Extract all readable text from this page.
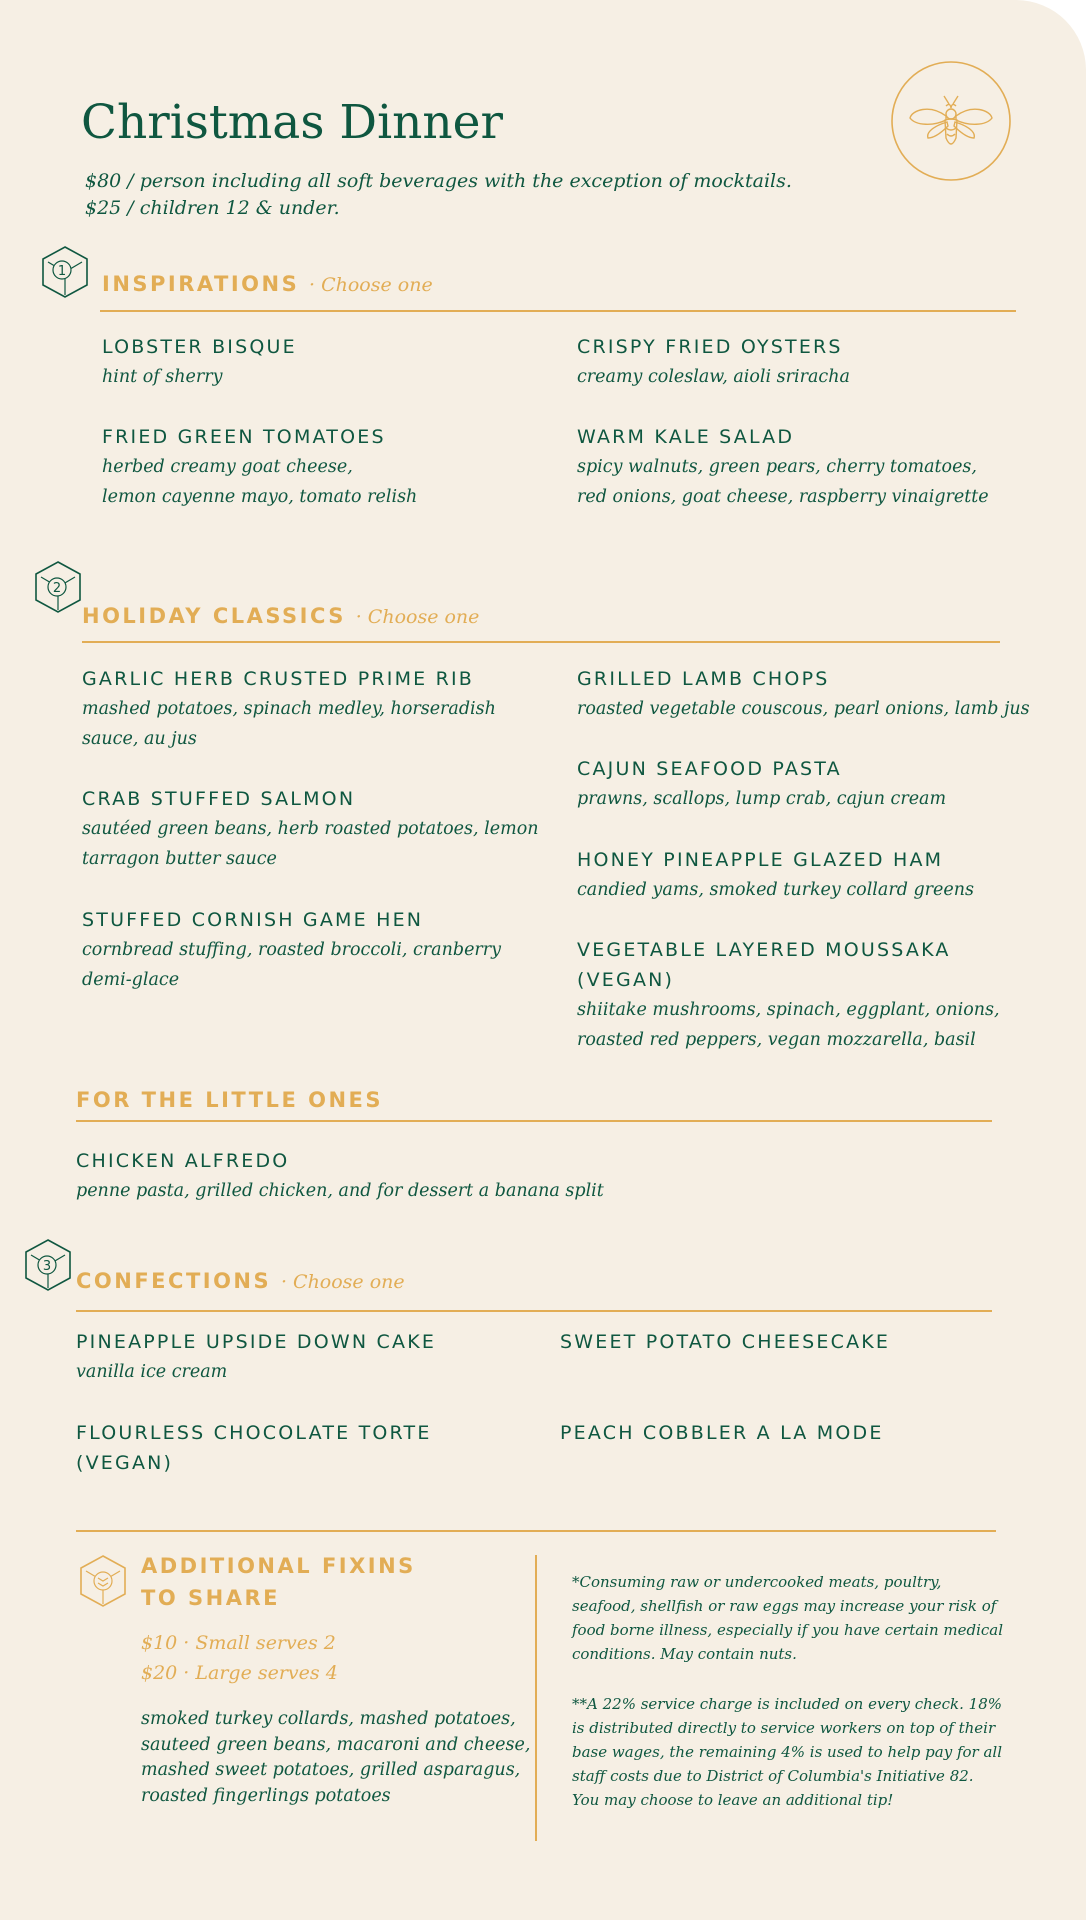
Christmas Dinner
$80 / person including all soft beverages with the exception of mocktails.
$25 / children 12 & under.
1
INSPIRATIONS · Choose one
LOBSTER BISQUE
hint of sherry
CRISPY FRIED OYSTERS
creamy coleslaw, aioli sriracha
FRIED GREEN TOMATOES
herbed creamy goat cheese,
lemon cayenne mayo, tomato relish
WARM KALE SALAD
spicy walnuts, green pears, cherry tomatoes,
red onions, goat cheese, raspberry vinaigrette
2
HOLIDAY CLASSICS · Choose one
GARLIC HERB CRUSTED PRIME RIB
mashed potatoes, spinach medley, horseradish
sauce, au jus
CRAB STUFFED SALMON
sautéed green beans, herb roasted potatoes, lemon
tarragon butter sauce
STUFFED CORNISH GAME HEN
cornbread stuffing, roasted broccoli, cranberry
demi-glace
GRILLED LAMB CHOPS
roasted vegetable couscous, pearl onions, lamb jus
CAJUN SEAFOOD PASTA
prawns, scallops, lump crab, cajun cream
HONEY PINEAPPLE GLAZED HAM
candied yams, smoked turkey collard greens
VEGETABLE LAYERED MOUSSAKA
(VEGAN)
shiitake mushrooms, spinach, eggplant, onions,
roasted red peppers, vegan mozzarella, basil
FOR THE LITTLE ONES
CHICKEN ALFREDO
penne pasta, grilled chicken, and for dessert a banana split
3
CONFECTIONS · Choose one
PINEAPPLE UPSIDE DOWN CAKE
vanilla ice cream
SWEET POTATO CHEESECAKE
FLOURLESS CHOCOLATE TORTE
(VEGAN)
PEACH COBBLER A LA MODE
ADDITIONAL FIXINS
TO SHARE
$10 · Small serves 2
$20 · Large serves 4
smoked turkey collards, mashed potatoes,
sauteed green beans, macaroni and cheese,
mashed sweet potatoes, grilled asparagus,
roasted fingerlings potatoes
*Consuming raw or undercooked meats, poultry,
seafood, shellfish or raw eggs may increase your risk of
food borne illness, especially if you have certain medical
conditions. May contain nuts.
**A 22% service charge is included on every check. 18%
is distributed directly to service workers on top of their
base wages, the remaining 4% is used to help pay for all
staff costs due to District of Columbia's Initiative 82.
You may choose to leave an additional tip!
